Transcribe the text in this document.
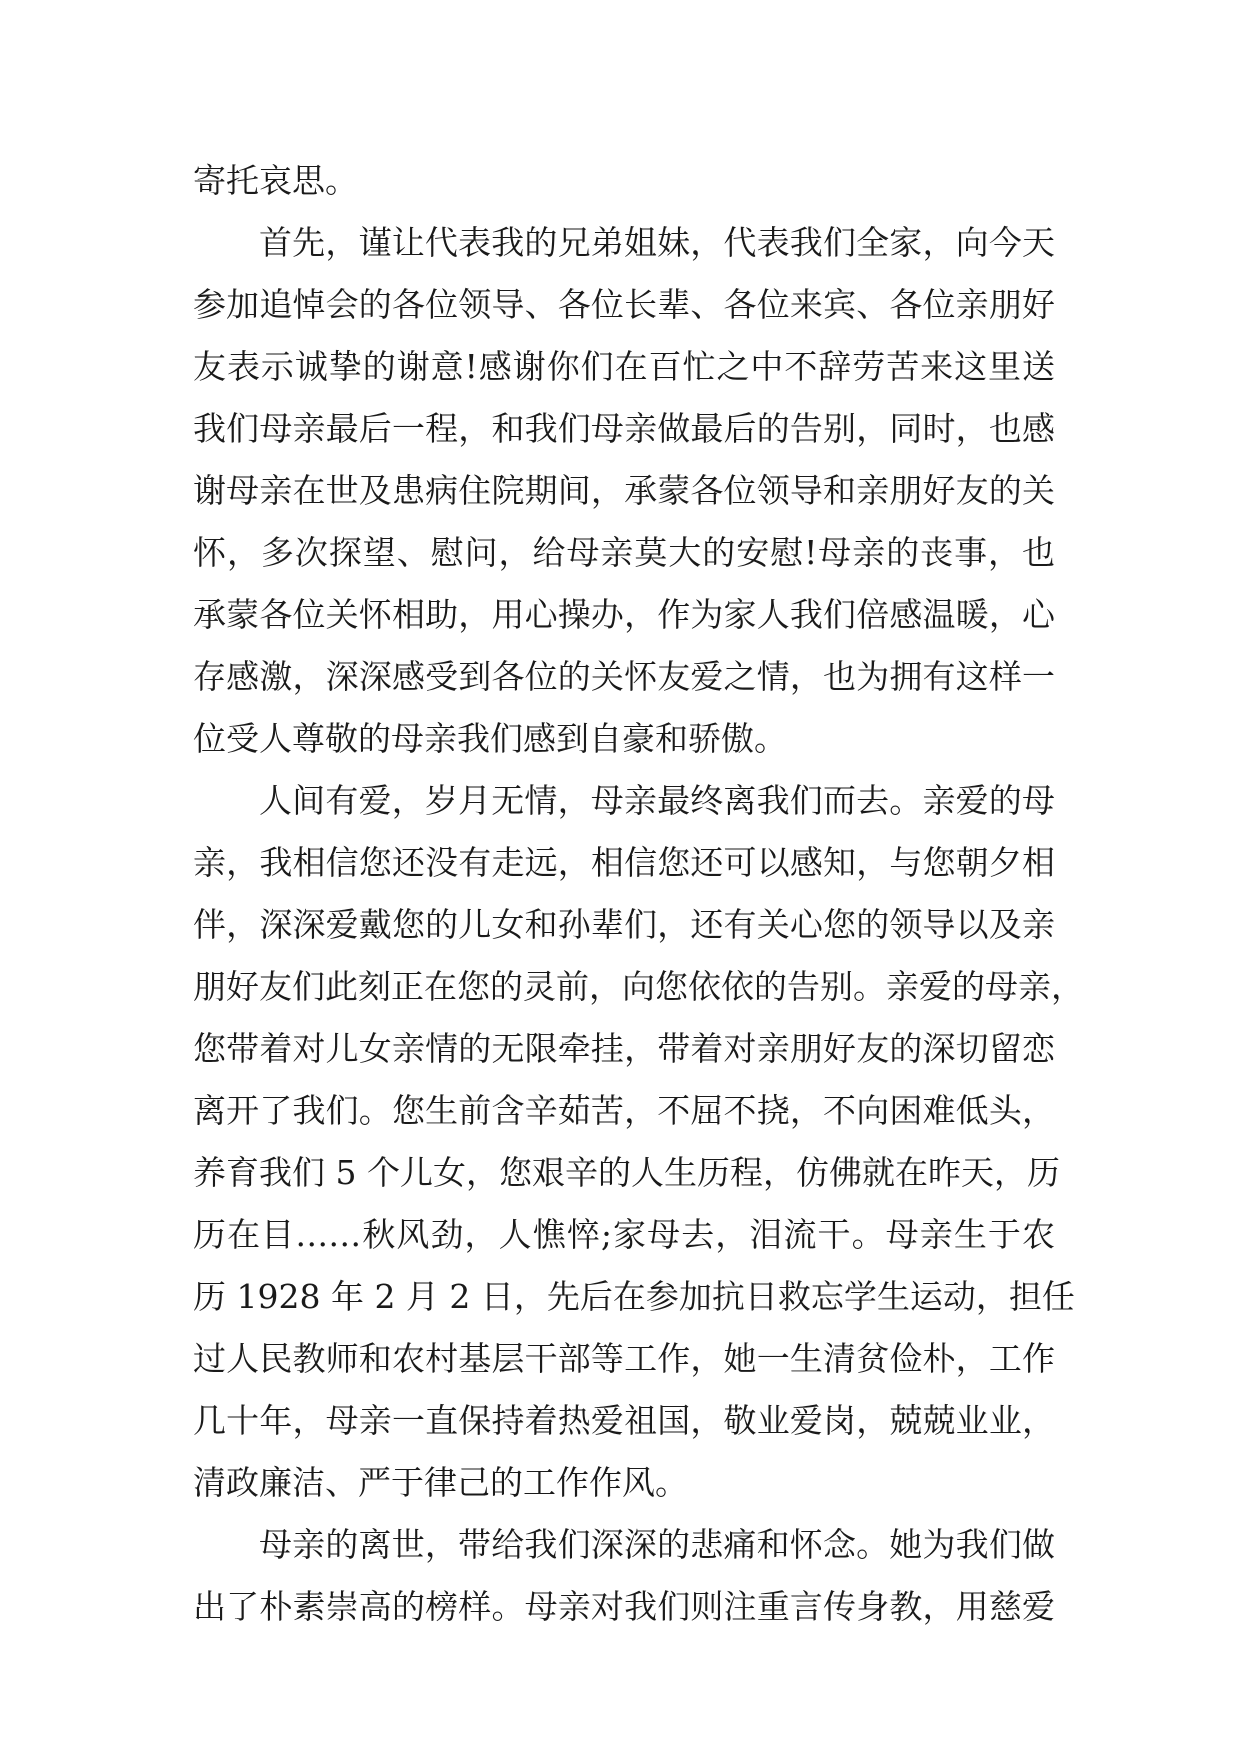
寄托哀思。
首先，谨让代表我的兄弟姐妹，代表我们全家，向今天
参加追悼会的各位领导、各位长辈、各位来宾、各位亲朋好
友表示诚挚的谢意!感谢你们在百忙之中不辞劳苦来这里送
我们母亲最后一程，和我们母亲做最后的告别，同时，也感
谢母亲在世及患病住院期间，承蒙各位领导和亲朋好友的关
怀，多次探望、慰问，给母亲莫大的安慰!母亲的丧事，也
承蒙各位关怀相助，用心操办，作为家人我们倍感温暖，心
存感激，深深感受到各位的关怀友爱之情，也为拥有这样一
位受人尊敬的母亲我们感到自豪和骄傲。
人间有爱，岁月无情，母亲最终离我们而去。亲爱的母
亲，我相信您还没有走远，相信您还可以感知，与您朝夕相
伴，深深爱戴您的儿女和孙辈们，还有关心您的领导以及亲
朋好友们此刻正在您的灵前，向您依依的告别。亲爱的母亲，
您带着对儿女亲情的无限牵挂，带着对亲朋好友的深切留恋
离开了我们。您生前含辛茹苦，不屈不挠，不向困难低头，
养育我们 5 个儿女，您艰辛的人生历程，仿佛就在昨天，历
历在目……秋风劲，人憔悴;家母去，泪流干。母亲生于农
历 1928 年 2 月 2 日，先后在参加抗日救忘学生运动，担任
过人民教师和农村基层干部等工作，她一生清贫俭朴，工作
几十年，母亲一直保持着热爱祖国，敬业爱岗，兢兢业业，
清政廉洁、严于律己的工作作风。
母亲的离世，带给我们深深的悲痛和怀念。她为我们做
出了朴素崇高的榜样。母亲对我们则注重言传身教，用慈爱
